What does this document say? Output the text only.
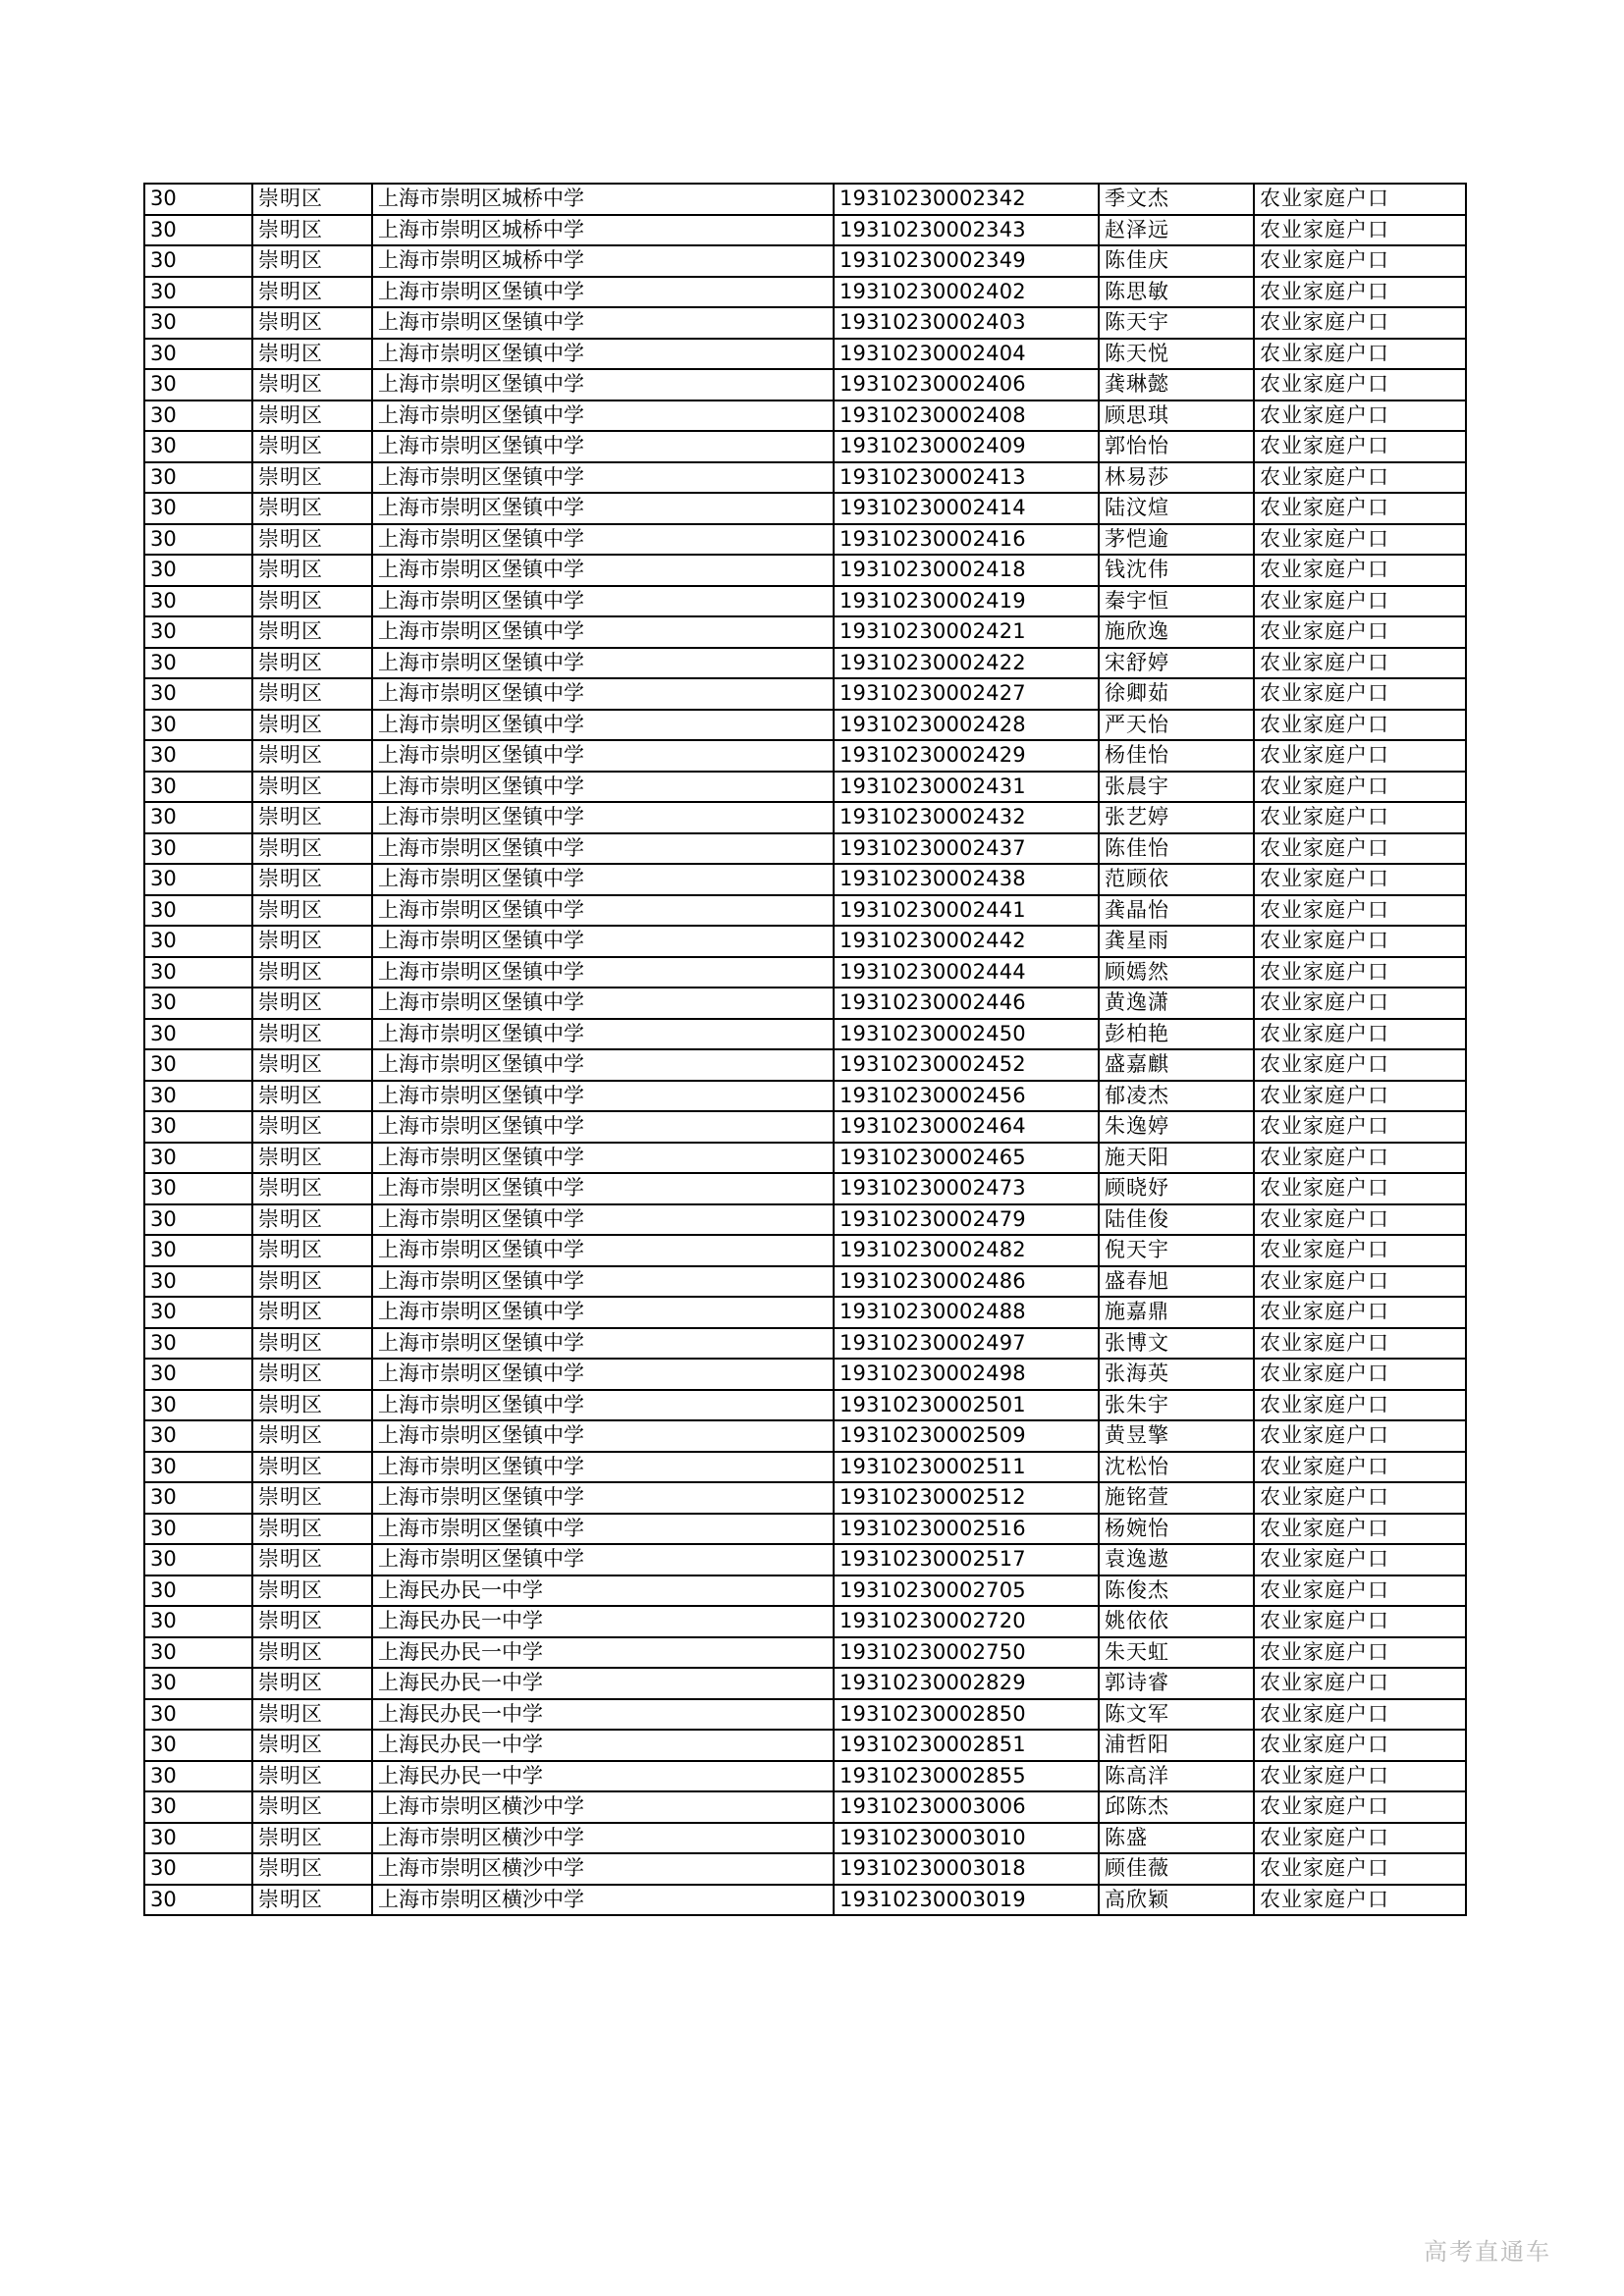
30	崇明区	上海市崇明区城桥中学	19310230002342	季文杰	农业家庭户口
30	崇明区	上海市崇明区城桥中学	19310230002343	赵泽远	农业家庭户口
30	崇明区	上海市崇明区城桥中学	19310230002349	陈佳庆	农业家庭户口
30	崇明区	上海市崇明区堡镇中学	19310230002402	陈思敏	农业家庭户口
30	崇明区	上海市崇明区堡镇中学	19310230002403	陈天宇	农业家庭户口
30	崇明区	上海市崇明区堡镇中学	19310230002404	陈天悦	农业家庭户口
30	崇明区	上海市崇明区堡镇中学	19310230002406	龚琳懿	农业家庭户口
30	崇明区	上海市崇明区堡镇中学	19310230002408	顾思琪	农业家庭户口
30	崇明区	上海市崇明区堡镇中学	19310230002409	郭怡怡	农业家庭户口
30	崇明区	上海市崇明区堡镇中学	19310230002413	林易莎	农业家庭户口
30	崇明区	上海市崇明区堡镇中学	19310230002414	陆汶煊	农业家庭户口
30	崇明区	上海市崇明区堡镇中学	19310230002416	茅恺逾	农业家庭户口
30	崇明区	上海市崇明区堡镇中学	19310230002418	钱沈伟	农业家庭户口
30	崇明区	上海市崇明区堡镇中学	19310230002419	秦宇恒	农业家庭户口
30	崇明区	上海市崇明区堡镇中学	19310230002421	施欣逸	农业家庭户口
30	崇明区	上海市崇明区堡镇中学	19310230002422	宋舒婷	农业家庭户口
30	崇明区	上海市崇明区堡镇中学	19310230002427	徐卿茹	农业家庭户口
30	崇明区	上海市崇明区堡镇中学	19310230002428	严天怡	农业家庭户口
30	崇明区	上海市崇明区堡镇中学	19310230002429	杨佳怡	农业家庭户口
30	崇明区	上海市崇明区堡镇中学	19310230002431	张晨宇	农业家庭户口
30	崇明区	上海市崇明区堡镇中学	19310230002432	张艺婷	农业家庭户口
30	崇明区	上海市崇明区堡镇中学	19310230002437	陈佳怡	农业家庭户口
30	崇明区	上海市崇明区堡镇中学	19310230002438	范顾依	农业家庭户口
30	崇明区	上海市崇明区堡镇中学	19310230002441	龚晶怡	农业家庭户口
30	崇明区	上海市崇明区堡镇中学	19310230002442	龚星雨	农业家庭户口
30	崇明区	上海市崇明区堡镇中学	19310230002444	顾嫣然	农业家庭户口
30	崇明区	上海市崇明区堡镇中学	19310230002446	黄逸潇	农业家庭户口
30	崇明区	上海市崇明区堡镇中学	19310230002450	彭柏艳	农业家庭户口
30	崇明区	上海市崇明区堡镇中学	19310230002452	盛嘉麒	农业家庭户口
30	崇明区	上海市崇明区堡镇中学	19310230002456	郁凌杰	农业家庭户口
30	崇明区	上海市崇明区堡镇中学	19310230002464	朱逸婷	农业家庭户口
30	崇明区	上海市崇明区堡镇中学	19310230002465	施天阳	农业家庭户口
30	崇明区	上海市崇明区堡镇中学	19310230002473	顾晓妤	农业家庭户口
30	崇明区	上海市崇明区堡镇中学	19310230002479	陆佳俊	农业家庭户口
30	崇明区	上海市崇明区堡镇中学	19310230002482	倪天宇	农业家庭户口
30	崇明区	上海市崇明区堡镇中学	19310230002486	盛春旭	农业家庭户口
30	崇明区	上海市崇明区堡镇中学	19310230002488	施嘉鼎	农业家庭户口
30	崇明区	上海市崇明区堡镇中学	19310230002497	张博文	农业家庭户口
30	崇明区	上海市崇明区堡镇中学	19310230002498	张海英	农业家庭户口
30	崇明区	上海市崇明区堡镇中学	19310230002501	张朱宇	农业家庭户口
30	崇明区	上海市崇明区堡镇中学	19310230002509	黄昱擎	农业家庭户口
30	崇明区	上海市崇明区堡镇中学	19310230002511	沈松怡	农业家庭户口
30	崇明区	上海市崇明区堡镇中学	19310230002512	施铭萱	农业家庭户口
30	崇明区	上海市崇明区堡镇中学	19310230002516	杨婉怡	农业家庭户口
30	崇明区	上海市崇明区堡镇中学	19310230002517	袁逸遨	农业家庭户口
30	崇明区	上海民办民一中学	19310230002705	陈俊杰	农业家庭户口
30	崇明区	上海民办民一中学	19310230002720	姚依依	农业家庭户口
30	崇明区	上海民办民一中学	19310230002750	朱天虹	农业家庭户口
30	崇明区	上海民办民一中学	19310230002829	郭诗睿	农业家庭户口
30	崇明区	上海民办民一中学	19310230002850	陈文军	农业家庭户口
30	崇明区	上海民办民一中学	19310230002851	浦哲阳	农业家庭户口
30	崇明区	上海民办民一中学	19310230002855	陈高洋	农业家庭户口
30	崇明区	上海市崇明区横沙中学	19310230003006	邱陈杰	农业家庭户口
30	崇明区	上海市崇明区横沙中学	19310230003010	陈盛	农业家庭户口
30	崇明区	上海市崇明区横沙中学	19310230003018	顾佳薇	农业家庭户口
30	崇明区	上海市崇明区横沙中学	19310230003019	高欣颖	农业家庭户口
高考直通车
